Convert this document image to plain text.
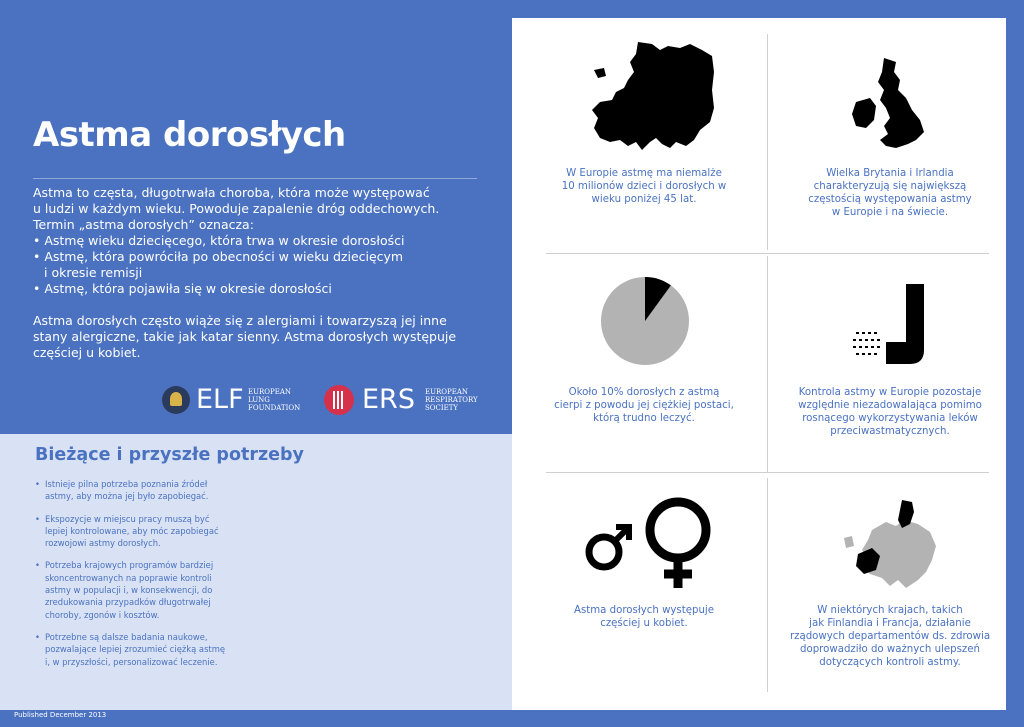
Astma dorosłych

Astma to częsta, długotrwała choroba, która może występować

u ludzi w każdym wieku. Powoduje zapalenie dróg oddechowych.

Termin „astma dorosłych” oznacza:

• Astmę wieku dziecięcego, która trwa w okresie dorosłości

• Astmę, która powróciła po obecności w wieku dziecięcym

i okresie remisji

• Astmę, która pojawiła się w okresie dorosłości

Astma dorosłych często wiąże się z alergiami i towarzyszą jej inne

stany alergiczne, takie jak katar sienny. Astma dorosłych występuje

częściej u kobiet.

ELF EUROPEAN
LUNG
FOUNDATION ERS EUROPEAN
RESPIRATORY
SOCIETY
Bieżące i przyszłe potrzeby
• Istnieje pilna potrzeba poznania źródeł
astmy, aby można jej było zapobiegać.
• Ekspozycje w miejscu pracy muszą być
lepiej kontrolowane, aby móc zapobiegać
rozwojowi astmy dorosłych.
• Potrzeba krajowych programów bardziej
skoncentrowanych na poprawie kontroli
astmy w populacji i, w konsekwencji, do
zredukowania przypadków długotrwałej
choroby, zgonów i kosztów.
• Potrzebne są dalsze badania naukowe,
pozwalające lepiej zrozumieć ciężką astmę
i, w przyszłości, personalizować leczenie.
Published December 2013

W Europie astmę ma niemalże

10 milionów dzieci i dorosłych w

wieku poniżej 45 lat.

Wielka Brytania i Irlandia

charakteryzują się największą

częstością występowania astmy

w Europie i na świecie.

Około 10% dorosłych z astmą

cierpi z powodu jej ciężkiej postaci,

którą trudno leczyć.

Kontrola astmy w Europie pozostaje

względnie niezadowalająca pomimo

rosnącego wykorzystywania leków

przeciwastmatycznych.

Astma dorosłych występuje

częściej u kobiet.

W niektórych krajach, takich

jak Finlandia i Francja, działanie

rządowych departamentów ds. zdrowia

doprowadziło do ważnych ulepszeń

dotyczących kontroli astmy.
